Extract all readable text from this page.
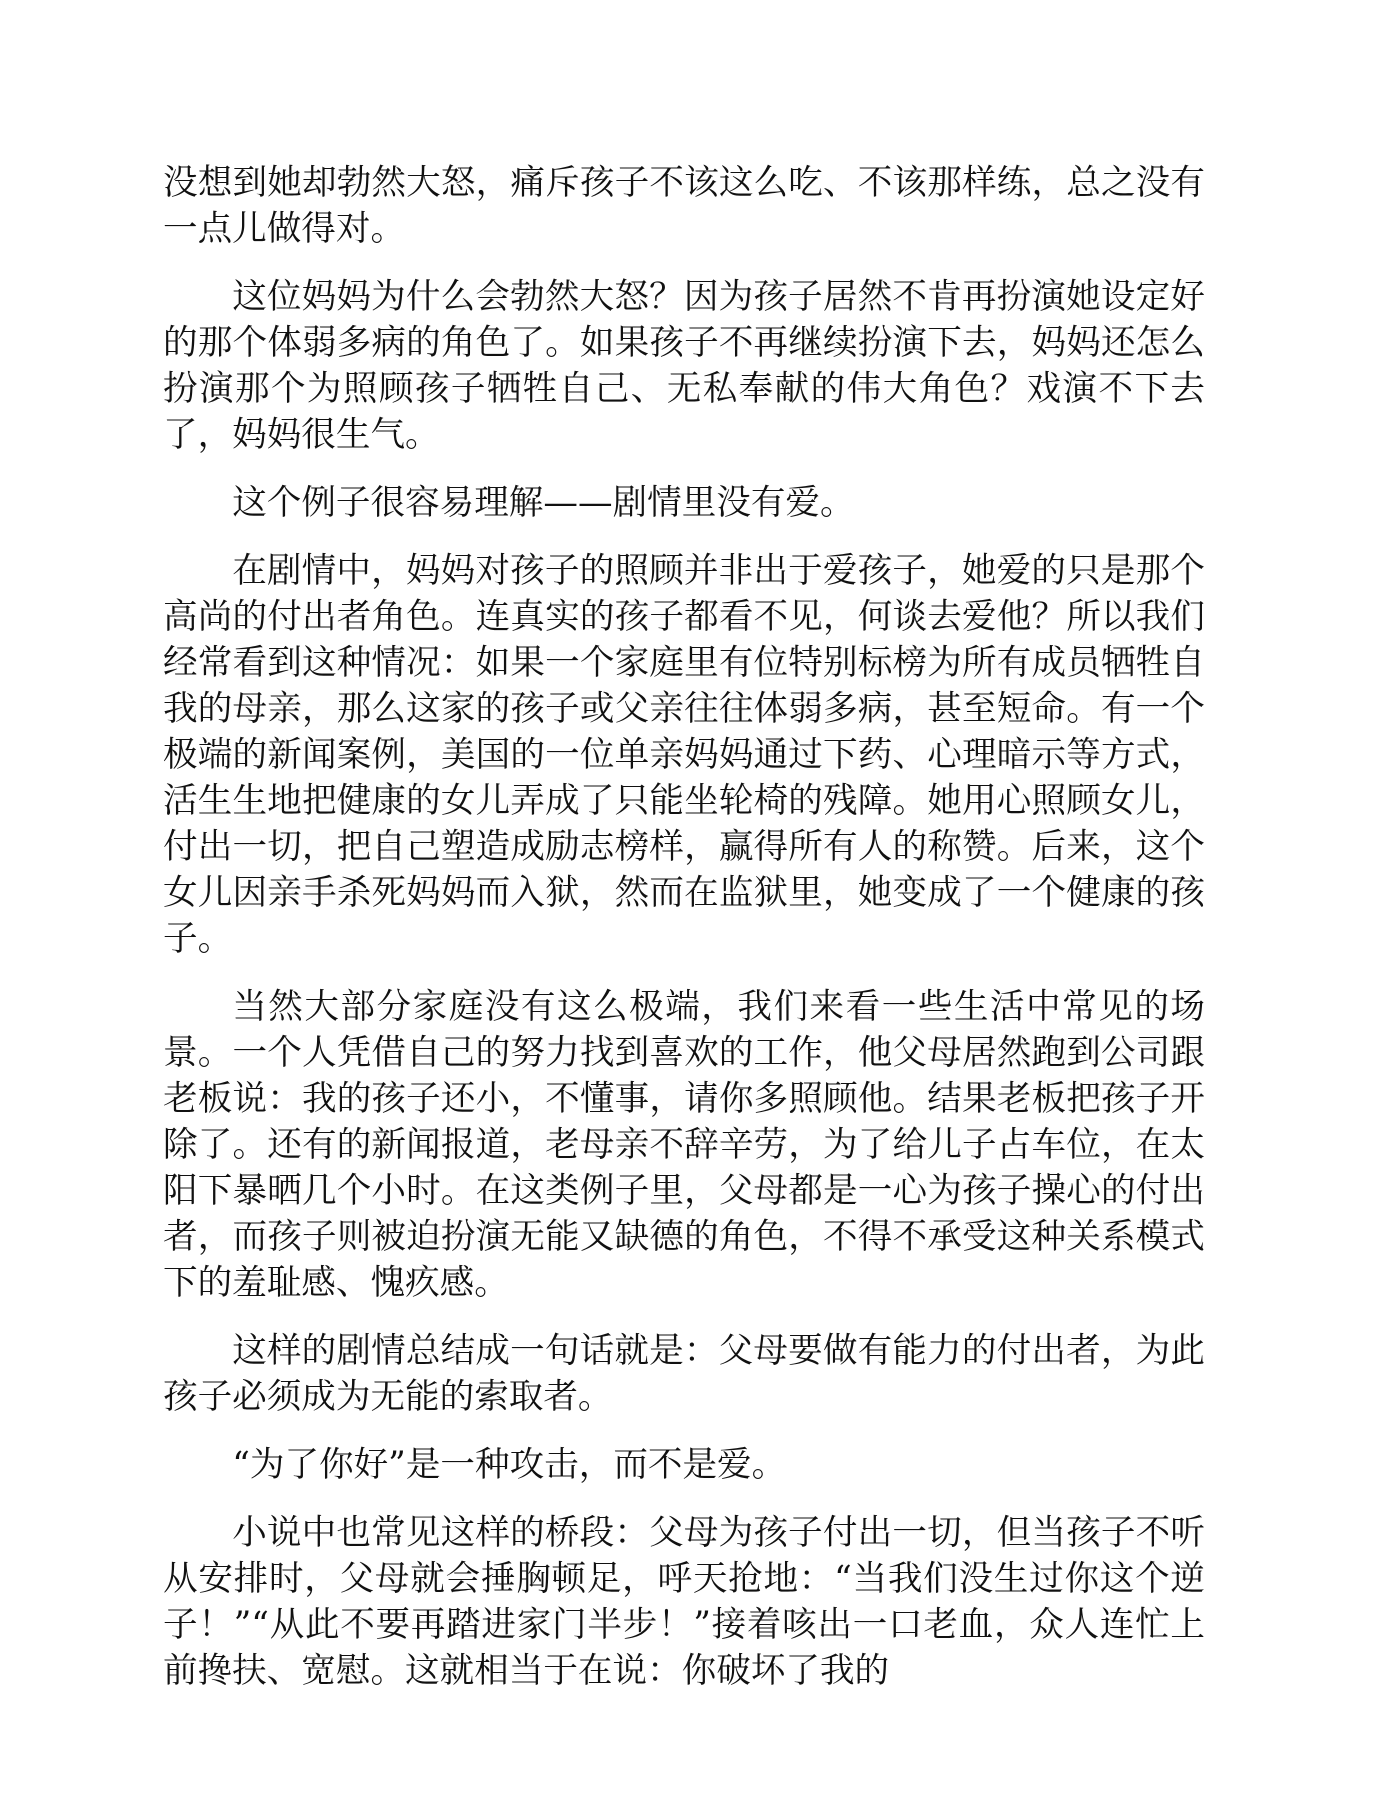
没想到她却勃然大怒，痛斥孩子不该这么吃、不该那样练，总之没有一点儿做得对。

这位妈妈为什么会勃然大怒？因为孩子居然不肯再扮演她设定好的那个体弱多病的角色了。如果孩子不再继续扮演下去，妈妈还怎么扮演那个为照顾孩子牺牲自己、无私奉献的伟大角色？戏演不下去了，妈妈很生气。

这个例子很容易理解——剧情里没有爱。

在剧情中，妈妈对孩子的照顾并非出于爱孩子，她爱的只是那个高尚的付出者角色。连真实的孩子都看不见，何谈去爱他？所以我们经常看到这种情况：如果一个家庭里有位特别标榜为所有成员牺牲自我的母亲，那么这家的孩子或父亲往往体弱多病，甚至短命。有一个极端的新闻案例，美国的一位单亲妈妈通过下药、心理暗示等方式，活生生地把健康的女儿弄成了只能坐轮椅的残障。她用心照顾女儿，付出一切，把自己塑造成励志榜样，赢得所有人的称赞。后来，这个女儿因亲手杀死妈妈而入狱，然而在监狱里，她变成了一个健康的孩子。

当然大部分家庭没有这么极端，我们来看一些生活中常见的场景。一个人凭借自己的努力找到喜欢的工作，他父母居然跑到公司跟老板说：我的孩子还小，不懂事，请你多照顾他。结果老板把孩子开除了。还有的新闻报道，老母亲不辞辛劳，为了给儿子占车位，在太阳下暴晒几个小时。在这类例子里，父母都是一心为孩子操心的付出者，而孩子则被迫扮演无能又缺德的角色，不得不承受这种关系模式下的羞耻感、愧疚感。

这样的剧情总结成一句话就是：父母要做有能力的付出者，为此孩子必须成为无能的索取者。

“为了你好”是一种攻击，而不是爱。

小说中也常见这样的桥段：父母为孩子付出一切，但当孩子不听从安排时，父母就会捶胸顿足，呼天抢地：“当我们没生过你这个逆子！”“从此不要再踏进家门半步！”接着咳出一口老血，众人连忙上前搀扶、宽慰。这就相当于在说：你破坏了我的
